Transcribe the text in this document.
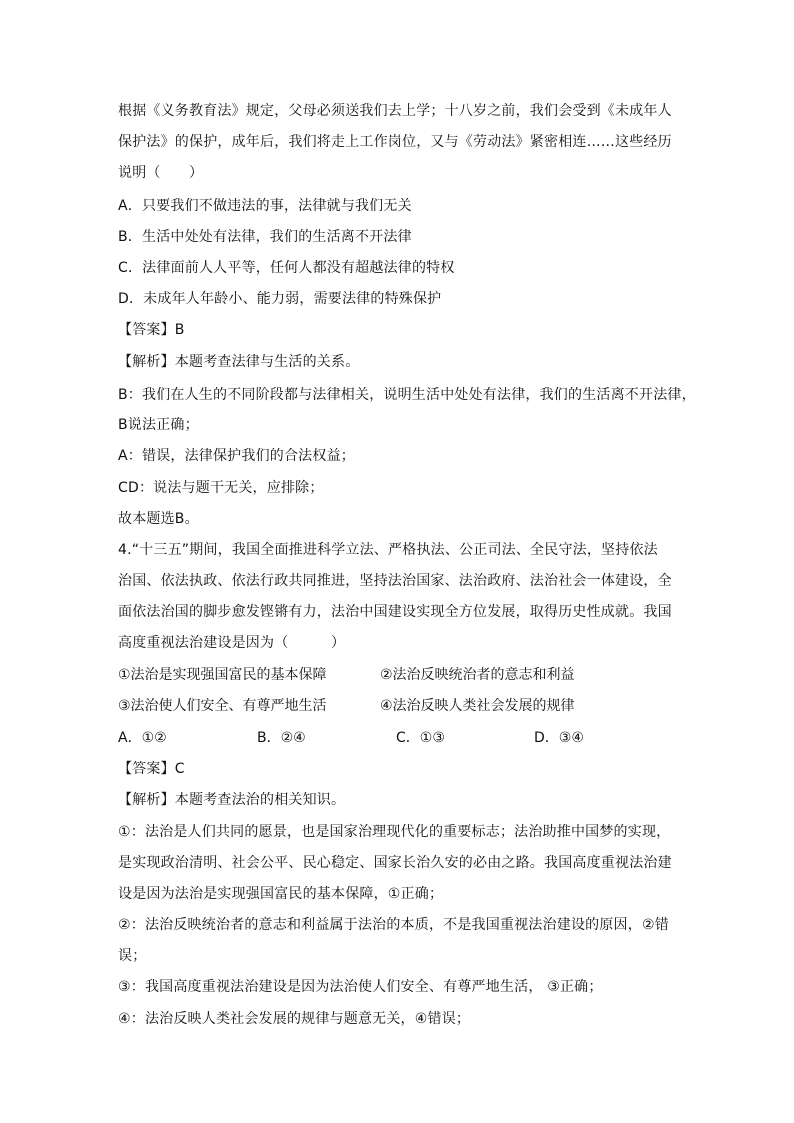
根据《义务教育法》规定，父母必须送我们去上学；十八岁之前，我们会受到《未成年人
保护法》的保护，成年后，我们将走上工作岗位，又与《劳动法》紧密相连……这些经历
说明（　　）
A．只要我们不做违法的事，法律就与我们无关
B．生活中处处有法律，我们的生活离不开法律
C．法律面前人人平等，任何人都没有超越法律的特权
D．未成年人年龄小、能力弱，需要法律的特殊保护
【答案】B
【解析】本题考查法律与生活的关系。
B：我们在人生的不同阶段都与法律相关，说明生活中处处有法律，我们的生活离不开法律，
B说法正确；
A：错误，法律保护我们的合法权益；
CD：说法与题干无关，应排除；
故本题选B。
4.“十三五”期间，我国全面推进科学立法、严格执法、公正司法、全民守法，坚持依法
治国、依法执政、依法行政共同推进，坚持法治国家、法治政府、法治社会一体建设，全
面依法治国的脚步愈发铿锵有力，法治中国建设实现全方位发展，取得历史性成就。我国
高度重视法治建设是因为（　　　）
①法治是实现强国富民的基本保障	②法治反映统治者的意志和利益
③法治使人们安全、有尊严地生活	④法治反映人类社会发展的规律
A．①②	B．②④	C．①③	D．③④
【答案】C
【解析】本题考查法治的相关知识。
①：法治是人们共同的愿景，也是国家治理现代化的重要标志；法治助推中国梦的实现，
是实现政治清明、社会公平、民心稳定、国家长治久安的必由之路。我国高度重视法治建
设是因为法治是实现强国富民的基本保障，①正确；
②：法治反映统治者的意志和利益属于法治的本质，不是我国重视法治建设的原因，②错
误；
③：我国高度重视法治建设是因为法治使人们安全、有尊严地生活， ③正确；
④：法治反映人类社会发展的规律与题意无关，④错误；
